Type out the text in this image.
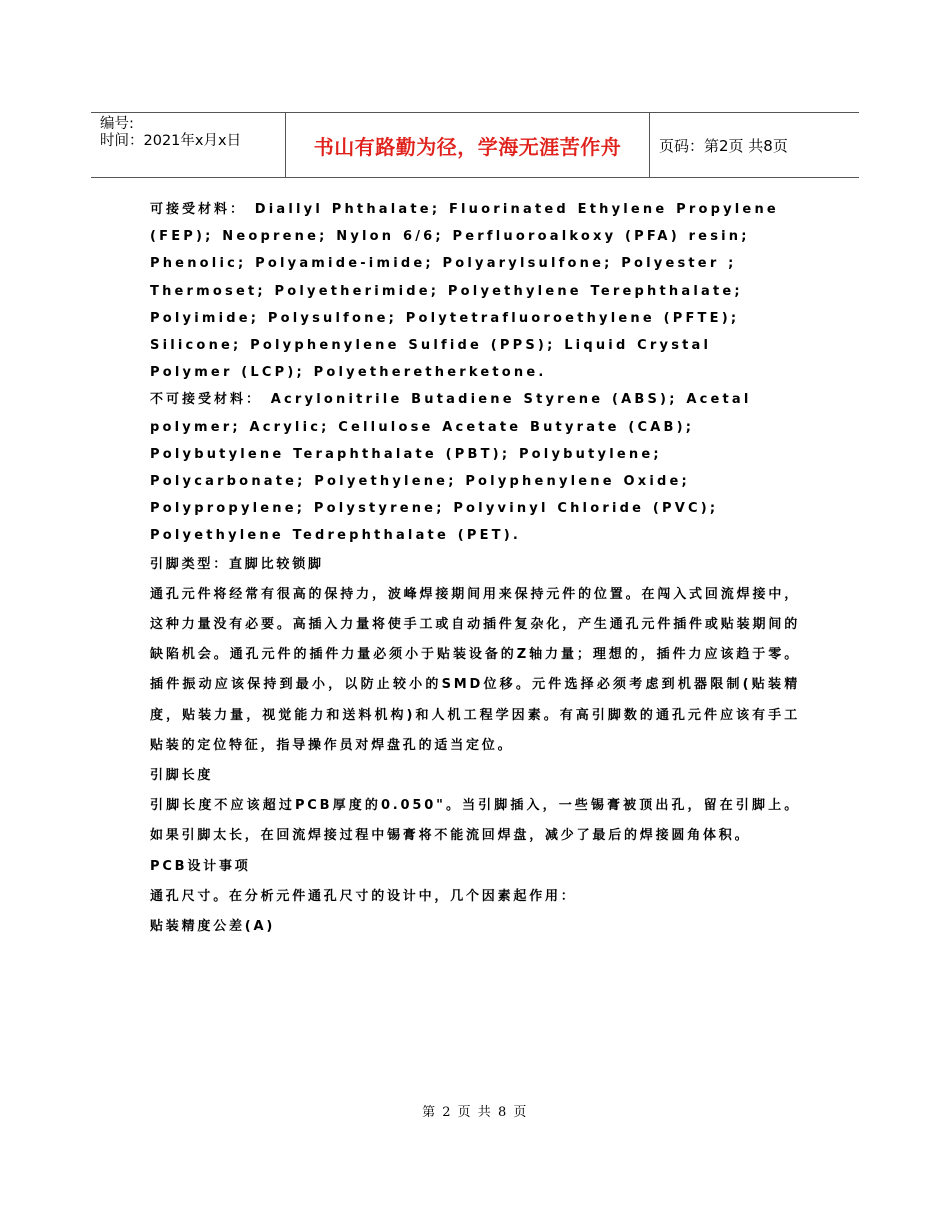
编号:
时间：2021年x月x日	书山有路勤为径，学海无涯苦作舟	页码：第2页 共8页

可接受材料： Diallyl Phthalate; Fluorinated Ethylene Propylene (FEP); Neoprene; Nylon 6/6; Perfluoroalkoxy (PFA) resin; Phenolic; Polyamide-imide; Polyarylsulfone; Polyester ; Thermoset; Polyetherimide; Polyethylene Terephthalate; Polyimide; Polysulfone; Polytetrafluoroethylene (PFTE); Silicone; Polyphenylene Sulfide (PPS); Liquid Crystal Polymer (LCP); Polyetheretherketone.

不可接受材料： Acrylonitrile Butadiene Styrene (ABS); Acetal polymer; Acrylic; Cellulose Acetate Butyrate (CAB); Polybutylene Teraphthalate (PBT); Polybutylene; Polycarbonate; Polyethylene; Polyphenylene Oxide; Polypropylene; Polystyrene; Polyvinyl Chloride (PVC); Polyethylene Tedrephthalate (PET).

引脚类型：直脚比较锁脚

通孔元件将经常有很高的保持力，波峰焊接期间用来保持元件的位置。在闯入式回流焊接中，这种力量没有必要。高插入力量将使手工或自动插件复杂化，产生通孔元件插件或贴装期间的缺陷机会。通孔元件的插件力量必须小于贴装设备的Z轴力量；理想的，插件力应该趋于零。插件振动应该保持到最小，以防止较小的SMD位移。元件选择必须考虑到机器限制(贴装精度，贴装力量，视觉能力和送料机构)和人机工程学因素。有高引脚数的通孔元件应该有手工贴装的定位特征，指导操作员对焊盘孔的适当定位。

引脚长度

引脚长度不应该超过PCB厚度的0.050"。当引脚插入，一些锡膏被顶出孔，留在引脚上。如果引脚太长，在回流焊接过程中锡膏将不能流回焊盘，减少了最后的焊接圆角体积。

PCB设计事项

通孔尺寸。在分析元件通孔尺寸的设计中，几个因素起作用：

贴装精度公差(A)

第 2 页 共 8 页
